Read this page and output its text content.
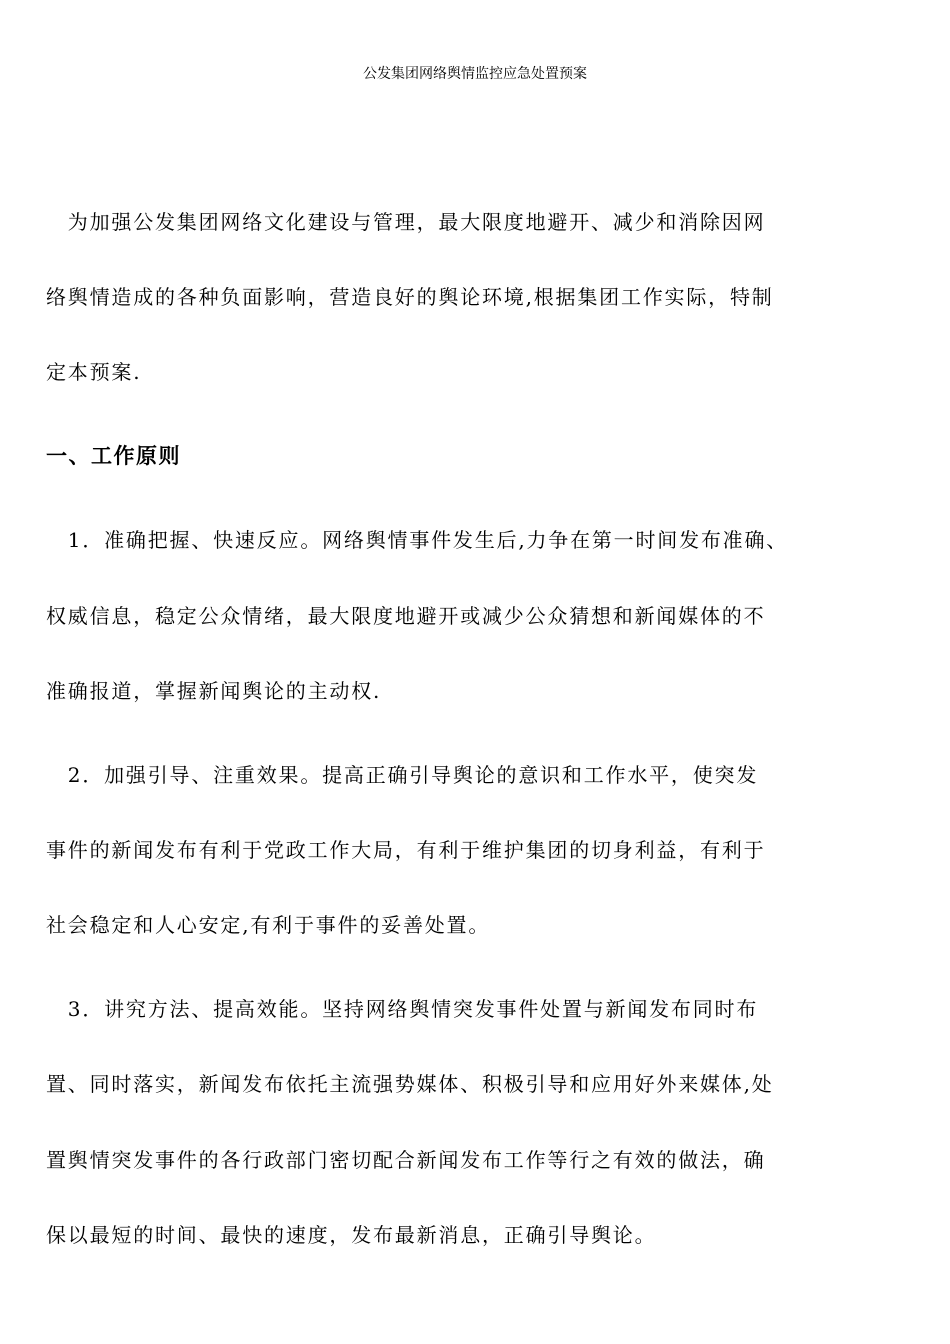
公发集团网络舆情监控应急处置预案
　为加强公发集团网络文化建设与管理，最大限度地避开、减少和消除因网
络舆情造成的各种负面影响，营造良好的舆论环境,根据集团工作实际，特制
定本预案.
一、工作原则
　1．准确把握、快速反应。网络舆情事件发生后,力争在第一时间发布准确、
权威信息，稳定公众情绪，最大限度地避开或减少公众猜想和新闻媒体的不
准确报道，掌握新闻舆论的主动权.
　2．加强引导、注重效果。提高正确引导舆论的意识和工作水平，使突发
事件的新闻发布有利于党政工作大局，有利于维护集团的切身利益，有利于
社会稳定和人心安定,有利于事件的妥善处置。
　3．讲究方法、提高效能。坚持网络舆情突发事件处置与新闻发布同时布
置、同时落实，新闻发布依托主流强势媒体、积极引导和应用好外来媒体,处
置舆情突发事件的各行政部门密切配合新闻发布工作等行之有效的做法，确
保以最短的时间、最快的速度，发布最新消息，正确引导舆论。
